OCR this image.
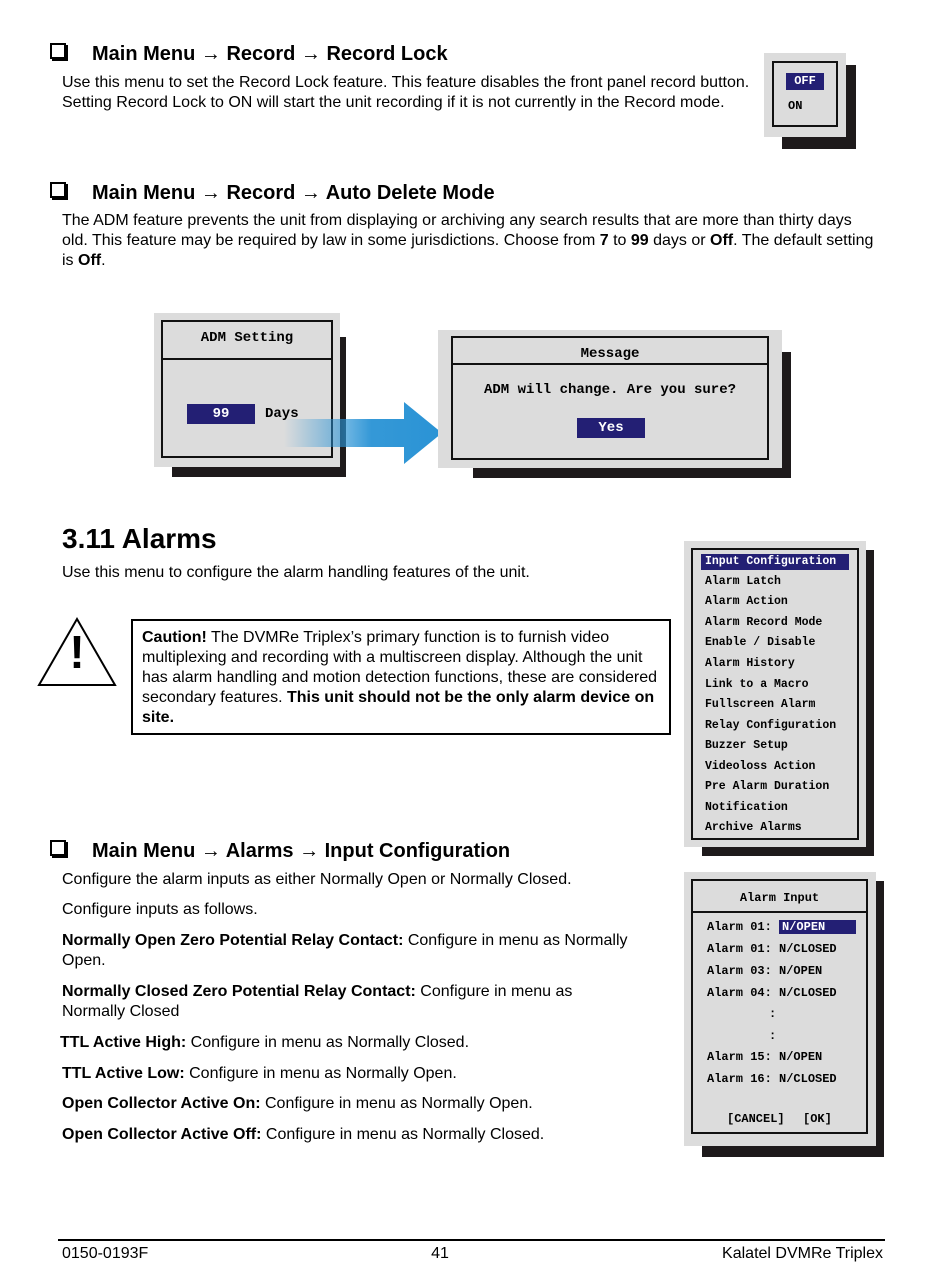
Main Menu → Record → Record Lock
Use this menu to set the Record Lock feature. This feature disables the front panel record button. Setting Record Lock to ON will start the unit recording if it is not currently in the Record mode.
OFF
ON
Main Menu → Record → Auto Delete Mode
The ADM feature prevents the unit from displaying or archiving any search results that are more than thirty days old. This feature may be required by law in some jurisdictions. Choose from 7 to 99 days or Off. The default setting is Off.
ADM Setting
99	Days
Message
ADM will change. Are you sure?
Yes
3.11 Alarms
Use this menu to configure the alarm handling features of the unit.
!	Caution! The DVMRe Triplex’s primary function is to furnish video multiplexing and recording with a multiscreen display. Although the unit has alarm handling and motion detection functions, these are considered secondary features. This unit should not be the only alarm device on site.
Input Configuration
Alarm Latch
Alarm Action
Alarm Record Mode
Enable / Disable
Alarm History
Link to a Macro
Fullscreen Alarm
Relay Configuration
Buzzer Setup
Videoloss Action
Pre Alarm Duration
Notification
Archive Alarms
Main Menu → Alarms → Input Configuration
Configure the alarm inputs as either Normally Open or Normally Closed.
Configure inputs as follows.
Normally Open Zero Potential Relay Contact: Configure in menu as Normally Open.
Normally Closed Zero Potential Relay Contact: Configure in menu as Normally Closed
TTL Active High: Configure in menu as Normally Closed.
TTL Active Low: Configure in menu as Normally Open.
Open Collector Active On: Configure in menu as Normally Open.
Open Collector Active Off: Configure in menu as Normally Closed.
Alarm Input
Alarm 01: N/OPEN
Alarm 01: N/CLOSED
Alarm 03: N/OPEN
Alarm 04: N/CLOSED
:
:
Alarm 15: N/OPEN
Alarm 16: N/CLOSED
[CANCEL] [OK]
0150-0193F	41	Kalatel DVMRe Triplex
